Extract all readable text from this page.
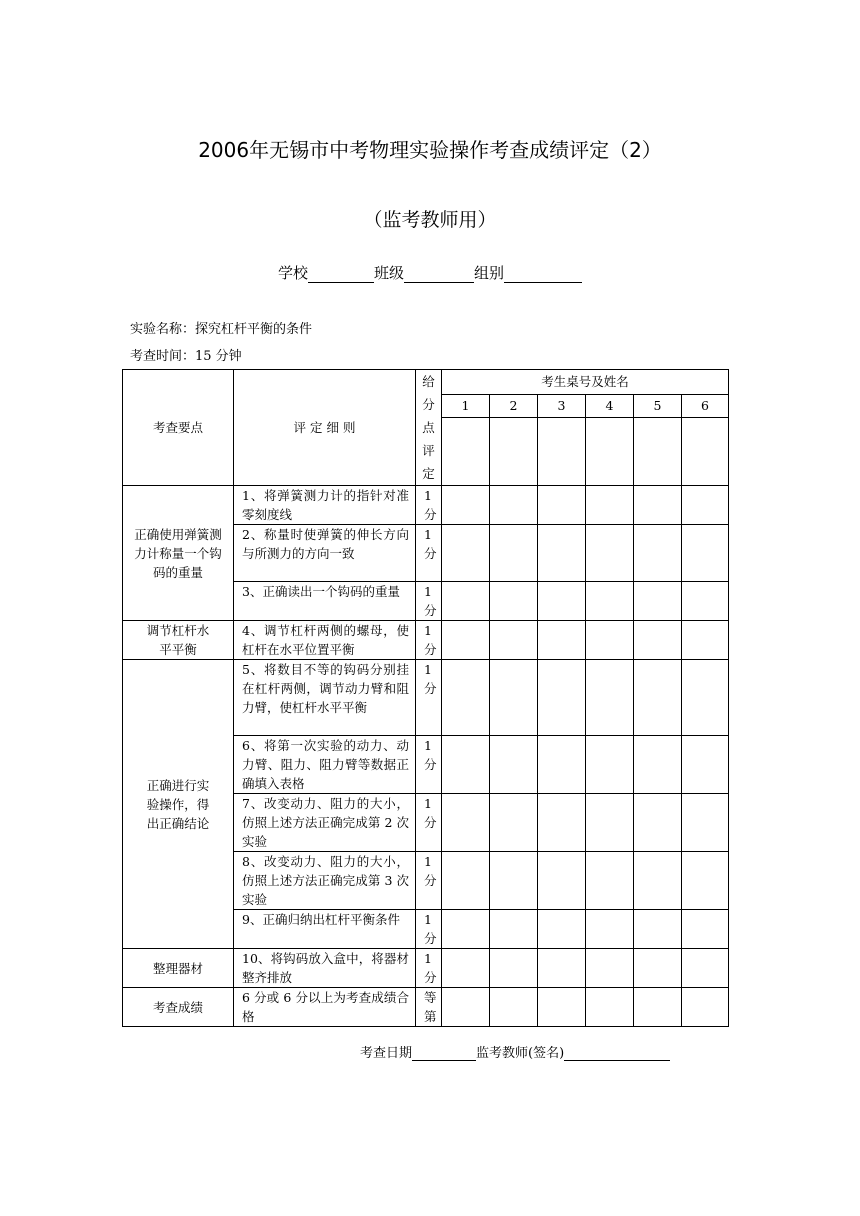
2006年无锡市中考物理实验操作考查成绩评定（2）
（监考教师用）
学校	班级	组别
实验名称：探究杠杆平衡的条件
考查时间：15 分钟
考查要点	评 定 细 则	给
分
点
评
定	考生桌号及姓名					
			1	2	3	4	5	6

正确使用弹簧测力计称量一个钩码的重量	1、将弹簧测力计的指针对准零刻度线	1
分						

	2、称量时使弹簧的伸长方向与所测力的方向一致	1
分						

	3、正确读出一个钩码的重量	1
分						

调节杠杆水平平衡	4、调节杠杆两侧的螺母，使杠杆在水平位置平衡	1
分						

正确进行实验操作，得出正确结论	5、将数目不等的钩码分别挂在杠杆两侧，调节动力臂和阻力臂，使杠杆水平平衡	1
分						

	6、将第一次实验的动力、动力臂、阻力、阻力臂等数据正确填入表格	1
分						

	7、改变动力、阻力的大小，仿照上述方法正确完成第 2 次实验	1
分						

	8、改变动力、阻力的大小，仿照上述方法正确完成第 3 次实验	1
分						

	9、正确归纳出杠杆平衡条件	1
分						

整理器材	10、将钩码放入盒中，将器材整齐排放	1
分						

考查成绩	6 分或 6 分以上为考查成绩合格	等
第						

考查日期	监考教师(签名)
